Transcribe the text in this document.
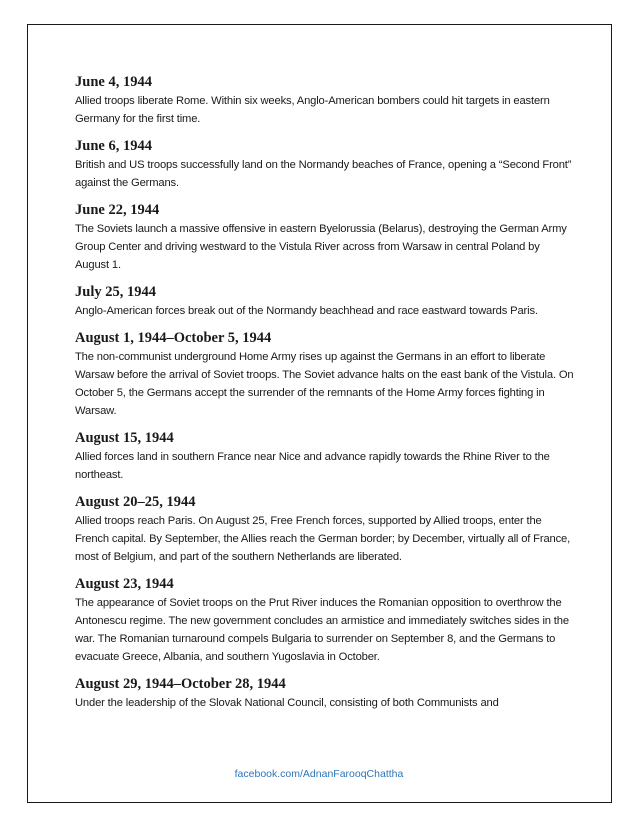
June 4, 1944

Allied troops liberate Rome. Within six weeks, Anglo-American bombers could hit targets in eastern Germany for the first time.

June 6, 1944

British and US troops successfully land on the Normandy beaches of France, opening a “Second Front” against the Germans.

June 22, 1944

The Soviets launch a massive offensive in eastern Byelorussia (Belarus), destroying the German Army Group Center and driving westward to the Vistula River across from Warsaw in central Poland by August 1.

July 25, 1944

Anglo-American forces break out of the Normandy beachhead and race eastward towards Paris.

August 1, 1944–October 5, 1944

The non-communist underground Home Army rises up against the Germans in an effort to liberate Warsaw before the arrival of Soviet troops. The Soviet advance halts on the east bank of the Vistula. On October 5, the Germans accept the surrender of the remnants of the Home Army forces fighting in Warsaw.

August 15, 1944

Allied forces land in southern France near Nice and advance rapidly towards the Rhine River to the northeast.

August 20–25, 1944

Allied troops reach Paris. On August 25, Free French forces, supported by Allied troops, enter the French capital. By September, the Allies reach the German border; by December, virtually all of France, most of Belgium, and part of the southern Netherlands are liberated.

August 23, 1944

The appearance of Soviet troops on the Prut River induces the Romanian opposition to overthrow the Antonescu regime. The new government concludes an armistice and immediately switches sides in the war. The Romanian turnaround compels Bulgaria to surrender on September 8, and the Germans to evacuate Greece, Albania, and southern Yugoslavia in October.

August 29, 1944–October 28, 1944

Under the leadership of the Slovak National Council, consisting of both Communists and

facebook.com/AdnanFarooqChattha
